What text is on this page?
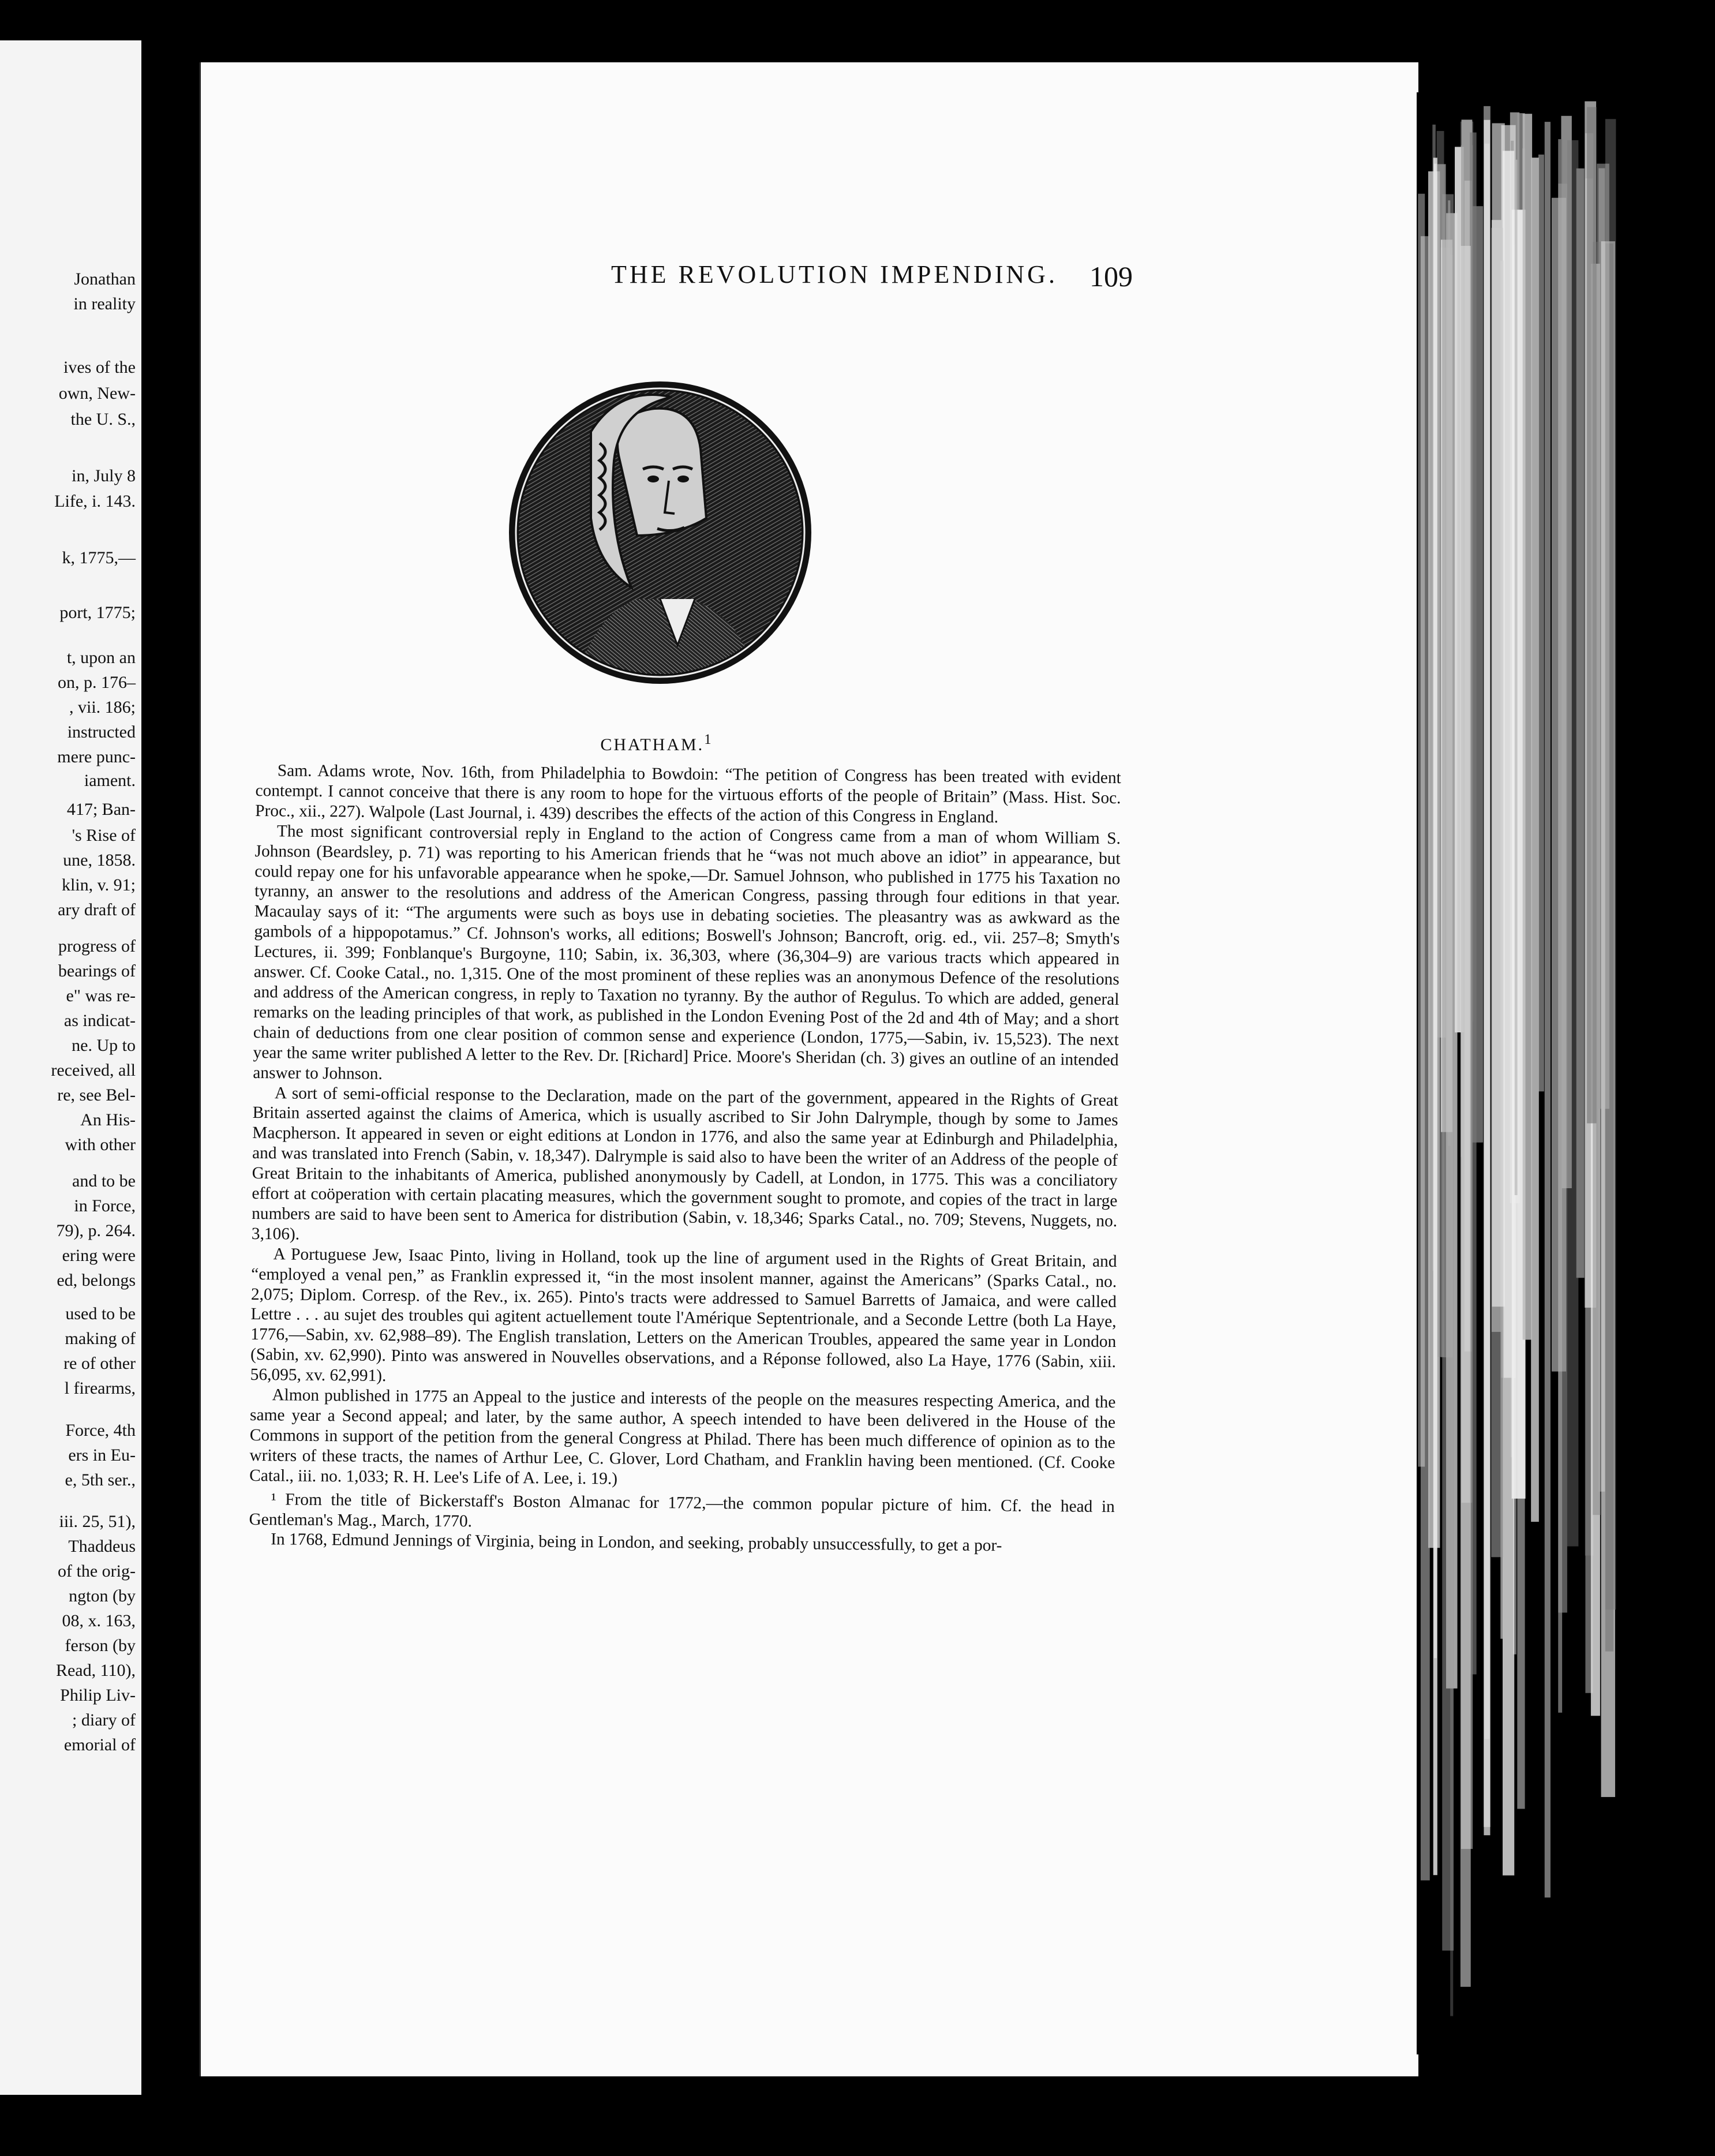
Jonathan
in reality
ives of the
own, New-
the U. S.,
in, July 8
Life, i. 143.
k, 1775,—
port, 1775;
t, upon an
on, p. 176–
, vii. 186;
instructed
mere punc-
iament.
417; Ban-
's Rise of
une, 1858.
klin, v. 91;
ary draft of
progress of
bearings of
e" was re-
as indicat-
ne. Up to
received, all
re, see Bel-
An His-
with other
and to be
in Force,
79), p. 264.
ering were
ed, belongs
used to be
making of
re of other
l firearms,
Force, 4th
ers in Eu-
e, 5th ser.,
iii. 25, 51),
Thaddeus
of the orig-
ngton (by
08, x. 163,
ferson (by
Read, 110),
Philip Liv-
; diary of
emorial of
THE REVOLUTION IMPENDING.	109
CHATHAM.$^1$

Sam. Adams wrote, Nov. 16th, from Philadelphia to Bowdoin: “The petition of Congress has been treated with evident contempt. I cannot conceive that there is any room to hope for the virtuous efforts of the people of Britain” (Mass. Hist. Soc. Proc., xii., 227). Walpole (Last Journal, i. 439) describes the effects of the action of this Congress in England.

The most significant controversial reply in England to the action of Congress came from a man of whom William S. Johnson (Beardsley, p. 71) was reporting to his American friends that he “was not much above an idiot” in appearance, but could repay one for his unfavorable appearance when he spoke,—Dr. Samuel Johnson, who published in 1775 his Taxation no tyranny, an answer to the resolutions and address of the American Congress, passing through four editions in that year. Macaulay says of it: “The arguments were such as boys use in debating societies. The pleasantry was as awkward as the gambols of a hippopotamus.” Cf. Johnson's works, all editions; Boswell's Johnson; Bancroft, orig. ed., vii. 257–8; Smyth's Lectures, ii. 399; Fonblanque's Burgoyne, 110; Sabin, ix. 36,303, where (36,304–9) are various tracts which appeared in answer. Cf. Cooke Catal., no. 1,315. One of the most prominent of these replies was an anonymous Defence of the resolutions and address of the American congress, in reply to Taxation no tyranny. By the author of Regulus. To which are added, general remarks on the leading principles of that work, as published in the London Evening Post of the 2d and 4th of May; and a short chain of deductions from one clear position of common sense and experience (London, 1775,—Sabin, iv. 15,523). The next year the same writer published A letter to the Rev. Dr. [Richard] Price. Moore's Sheridan (ch. 3) gives an outline of an intended answer to Johnson.

A sort of semi-official response to the Declaration, made on the part of the government, appeared in the Rights of Great Britain asserted against the claims of America, which is usually ascribed to Sir John Dalrymple, though by some to James Macpherson. It appeared in seven or eight editions at London in 1776, and also the same year at Edinburgh and Philadelphia, and was translated into French (Sabin, v. 18,347). Dalrymple is said also to have been the writer of an Address of the people of Great Britain to the inhabitants of America, published anonymously by Cadell, at London, in 1775. This was a conciliatory effort at coöperation with certain placating measures, which the government sought to promote, and copies of the tract in large numbers are said to have been sent to America for distribution (Sabin, v. 18,346; Sparks Catal., no. 709; Stevens, Nuggets, no. 3,106).

A Portuguese Jew, Isaac Pinto, living in Holland, took up the line of argument used in the Rights of Great Britain, and “employed a venal pen,” as Franklin expressed it, “in the most insolent manner, against the Americans” (Sparks Catal., no. 2,075; Diplom. Corresp. of the Rev., ix. 265). Pinto's tracts were addressed to Samuel Barretts of Jamaica, and were called Lettre . . . au sujet des troubles qui agitent actuellement toute l'Amérique Septentrionale, and a Seconde Lettre (both La Haye, 1776,—Sabin, xv. 62,988–89). The English translation, Letters on the American Troubles, appeared the same year in London (Sabin, xv. 62,990). Pinto was answered in Nouvelles observations, and a Réponse followed, also La Haye, 1776 (Sabin, xiii. 56,095, xv. 62,991).

Almon published in 1775 an Appeal to the justice and interests of the people on the measures respecting America, and the same year a Second appeal; and later, by the same author, A speech intended to have been delivered in the House of the Commons in support of the petition from the general Congress at Philad. There has been much difference of opinion as to the writers of these tracts, the names of Arthur Lee, C. Glover, Lord Chatham, and Franklin having been mentioned. (Cf. Cooke Catal., iii. no. 1,033; R. H. Lee's Life of A. Lee, i. 19.)

¹ From the title of Bickerstaff's Boston Almanac for 1772,—the common popular picture of him. Cf. the head in Gentleman's Mag., March, 1770.

In 1768, Edmund Jennings of Virginia, being in London, and seeking, probably unsuccessfully, to get a por-
